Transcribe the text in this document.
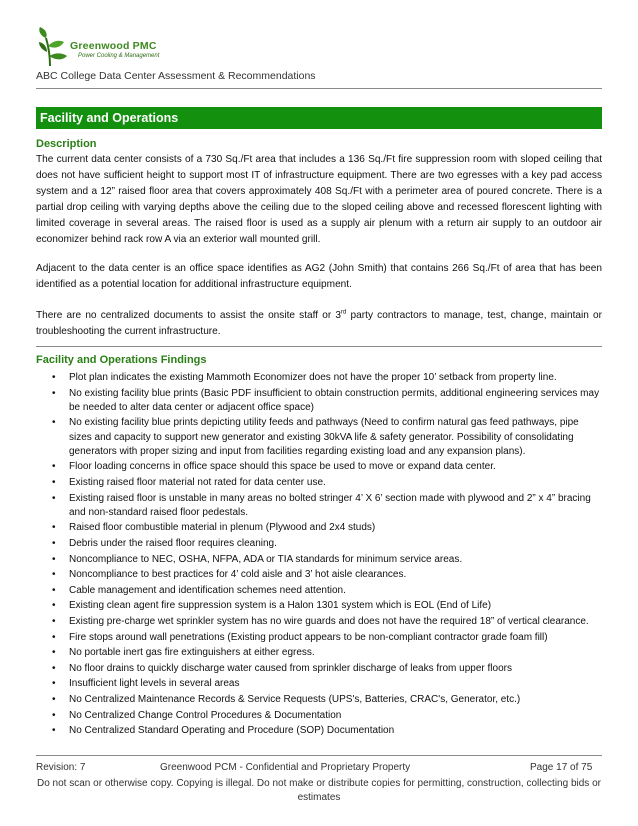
Greenwood PMC
Power Cooling & Management
ABC College Data Center Assessment & Recommendations
Facility and Operations
Description

The current data center consists of a 730 Sq./Ft area that includes a 136 Sq./Ft fire suppression room with sloped ceiling that does not have sufficient height to support most IT of infrastructure equipment. There are two egresses with a key pad access system and a 12” raised floor area that covers approximately 408 Sq./Ft with a perimeter area of poured concrete. There is a partial drop ceiling with varying depths above the ceiling due to the sloped ceiling above and recessed florescent lighting with limited coverage in several areas. The raised floor is used as a supply air plenum with a return air supply to an outdoor air economizer behind rack row A via an exterior wall mounted grill.

Adjacent to the data center is an office space identifies as AG2 (John Smith) that contains 266 Sq./Ft of area that has been identified as a potential location for additional infrastructure equipment.

There are no centralized documents to assist the onsite staff or 3rd party contractors to manage, test, change, maintain or troubleshooting the current infrastructure.

Facility and Operations Findings
• Plot plan indicates the existing Mammoth Economizer does not have the proper 10’ setback from property line.
• No existing facility blue prints (Basic PDF insufficient to obtain construction permits, additional engineering services may be needed to alter data center or adjacent office space)
• No existing facility blue prints depicting utility feeds and pathways (Need to confirm natural gas feed pathways, pipe sizes and capacity to support new generator and existing 30kVA life & safety generator. Possibility of consolidating generators with proper sizing and input from facilities regarding existing load and any expansion plans).
• Floor loading concerns in office space should this space be used to move or expand data center.
• Existing raised floor material not rated for data center use.
• Existing raised floor is unstable in many areas no bolted stringer 4’ X 6’ section made with plywood and 2” x 4” bracing and non-standard raised floor pedestals.
• Raised floor combustible material in plenum (Plywood and 2x4 studs)
• Debris under the raised floor requires cleaning.
• Noncompliance to NEC, OSHA, NFPA, ADA or TIA standards for minimum service areas.
• Noncompliance to best practices for 4’ cold aisle and 3’ hot aisle clearances.
• Cable management and identification schemes need attention.
• Existing clean agent fire suppression system is a Halon 1301 system which is EOL (End of Life)
• Existing pre-charge wet sprinkler system has no wire guards and does not have the required 18” of vertical clearance.
• Fire stops around wall penetrations (Existing product appears to be non-compliant contractor grade foam fill)
• No portable inert gas fire extinguishers at either egress.
• No floor drains to quickly discharge water caused from sprinkler discharge of leaks from upper floors
• Insufficient light levels in several areas
• No Centralized Maintenance Records & Service Requests (UPS's, Batteries, CRAC's, Generator, etc.)
• No Centralized Change Control Procedures & Documentation
• No Centralized Standard Operating and Procedure (SOP) Documentation
Revision: 7	Greenwood PCM - Confidential and Proprietary Property	Page 17 of 75
Do not scan or otherwise copy. Copying is illegal. Do not make or distribute copies for permitting, construction, collecting bids or estimates
